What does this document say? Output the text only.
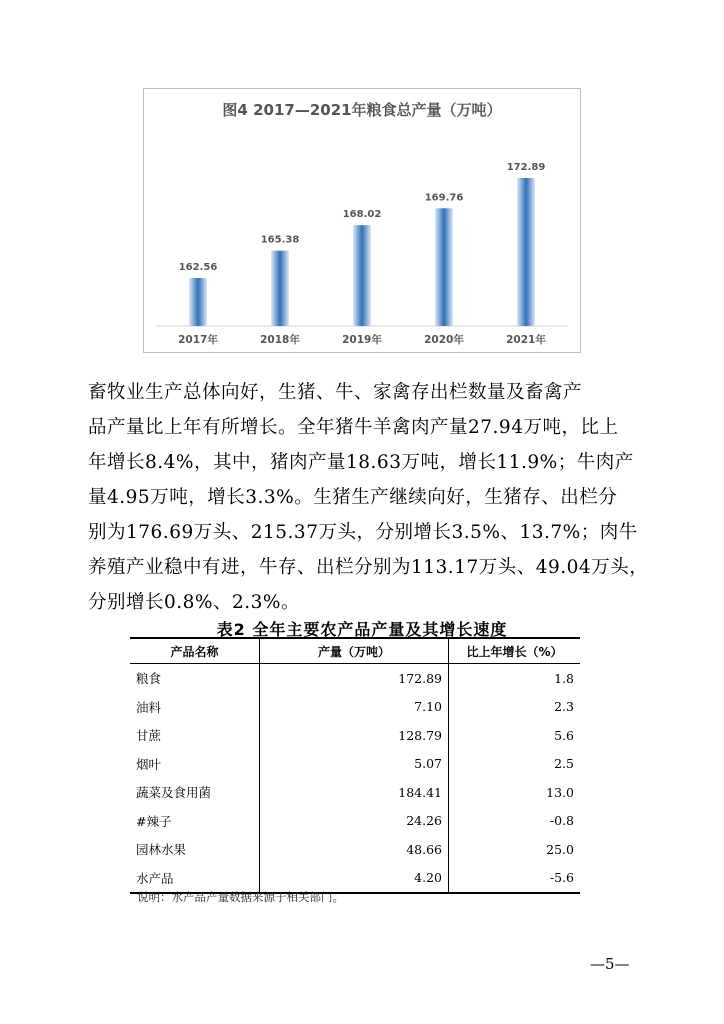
图4 2017—2021年粮食总产量（万吨）
162.56
2017年
165.38
2018年
168.02
2019年
169.76
2020年
172.89
2021年
畜牧业生产总体向好，生猪、牛、家禽存出栏数量及畜禽产
品产量比上年有所增长。全年猪牛羊禽肉产量27.94万吨，比上
年增长8.4%，其中，猪肉产量18.63万吨，增长11.9%；牛肉产
量4.95万吨，增长3.3%。生猪生产继续向好，生猪存、出栏分
别为176.69万头、215.37万头，分别增长3.5%、13.7%；肉牛
养殖产业稳中有进，牛存、出栏分别为113.17万头、49.04万头，
分别增长0.8%、2.3%。
表2 全年主要农产品产量及其增长速度
产品名称	产量（万吨）	比上年增长（%）
粮食	172.89	1.8
油料	7.10	2.3
甘蔗	128.79	5.6
烟叶	5.07	2.5
蔬菜及食用菌	184.41	13.0
#辣子	24.26	-0.8
园林水果	48.66	25.0
水产品	4.20	-5.6
说明：水产品产量数据来源于相关部门。
—5—
